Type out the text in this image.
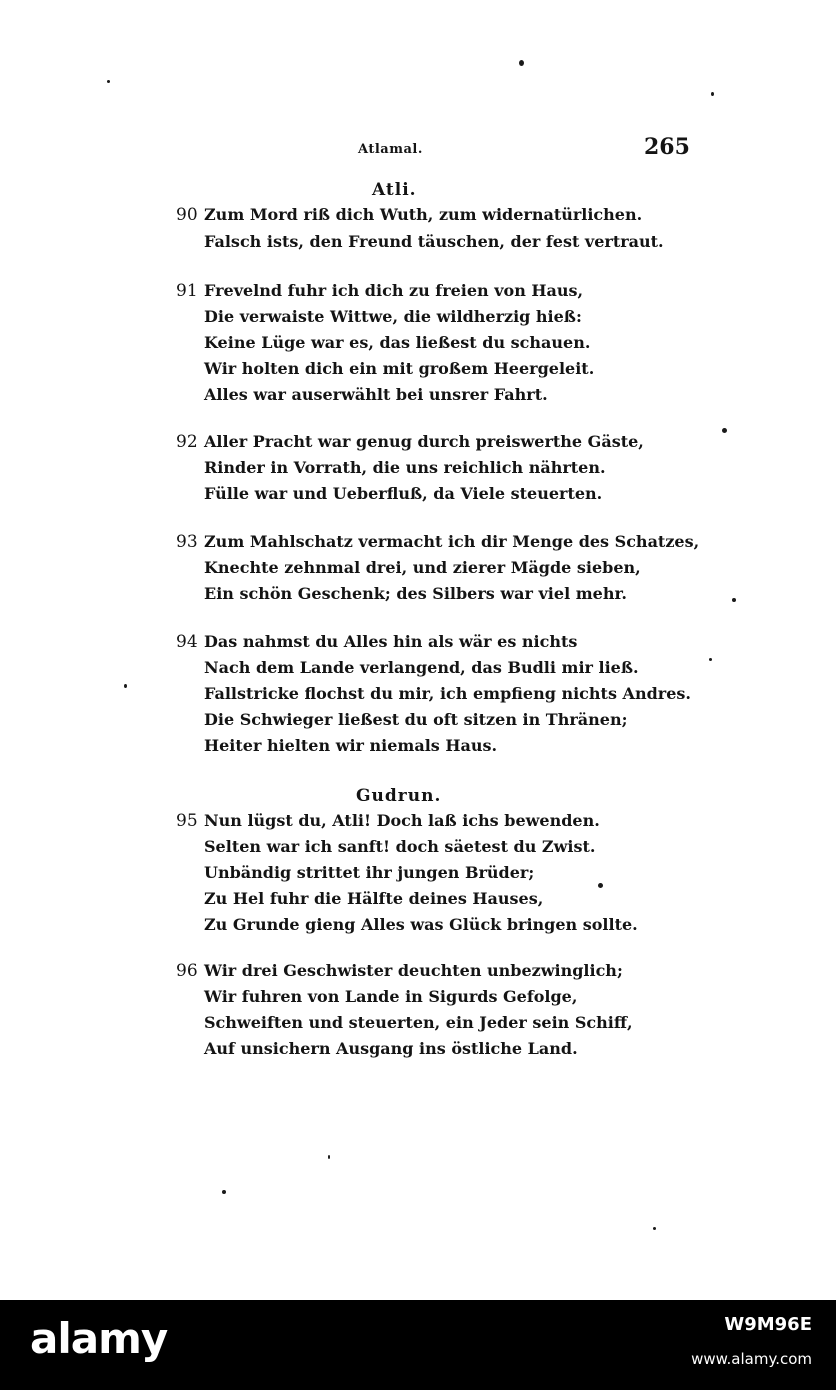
Atlamal.	265
Atli.
90 Zum Mord riß dich Wuth, zum widernatürlichen.
Falsch ists, den Freund täuschen, der fest vertraut.
91 Frevelnd fuhr ich dich zu freien von Haus,
Die verwaiste Wittwe, die wildherzig hieß:
Keine Lüge war es, das ließest du schauen.
Wir holten dich ein mit großem Heergeleit.
Alles war auserwählt bei unsrer Fahrt.
92 Aller Pracht war genug durch preiswerthe Gäste,
Rinder in Vorrath, die uns reichlich nährten.
Fülle war und Ueberfluß, da Viele steuerten.
93 Zum Mahlschatz vermacht ich dir Menge des Schatzes,
Knechte zehnmal drei, und zierer Mägde sieben,
Ein schön Geschenk; des Silbers war viel mehr.
94 Das nahmst du Alles hin als wär es nichts
Nach dem Lande verlangend, das Budli mir ließ.
Fallstricke flochst du mir, ich empfieng nichts Andres.
Die Schwieger ließest du oft sitzen in Thränen;
Heiter hielten wir niemals Haus.
Gudrun.
95 Nun lügst du, Atli! Doch laß ichs bewenden.
Selten war ich sanft! doch säetest du Zwist.
Unbändig strittet ihr jungen Brüder;
Zu Hel fuhr die Hälfte deines Hauses,
Zu Grunde gieng Alles was Glück bringen sollte.
96 Wir drei Geschwister deuchten unbezwinglich;
Wir fuhren von Lande in Sigurds Gefolge,
Schweiften und steuerten, ein Jeder sein Schiff,
Auf unsichern Ausgang ins östliche Land.
alamy	W9M96E
www.alamy.com
